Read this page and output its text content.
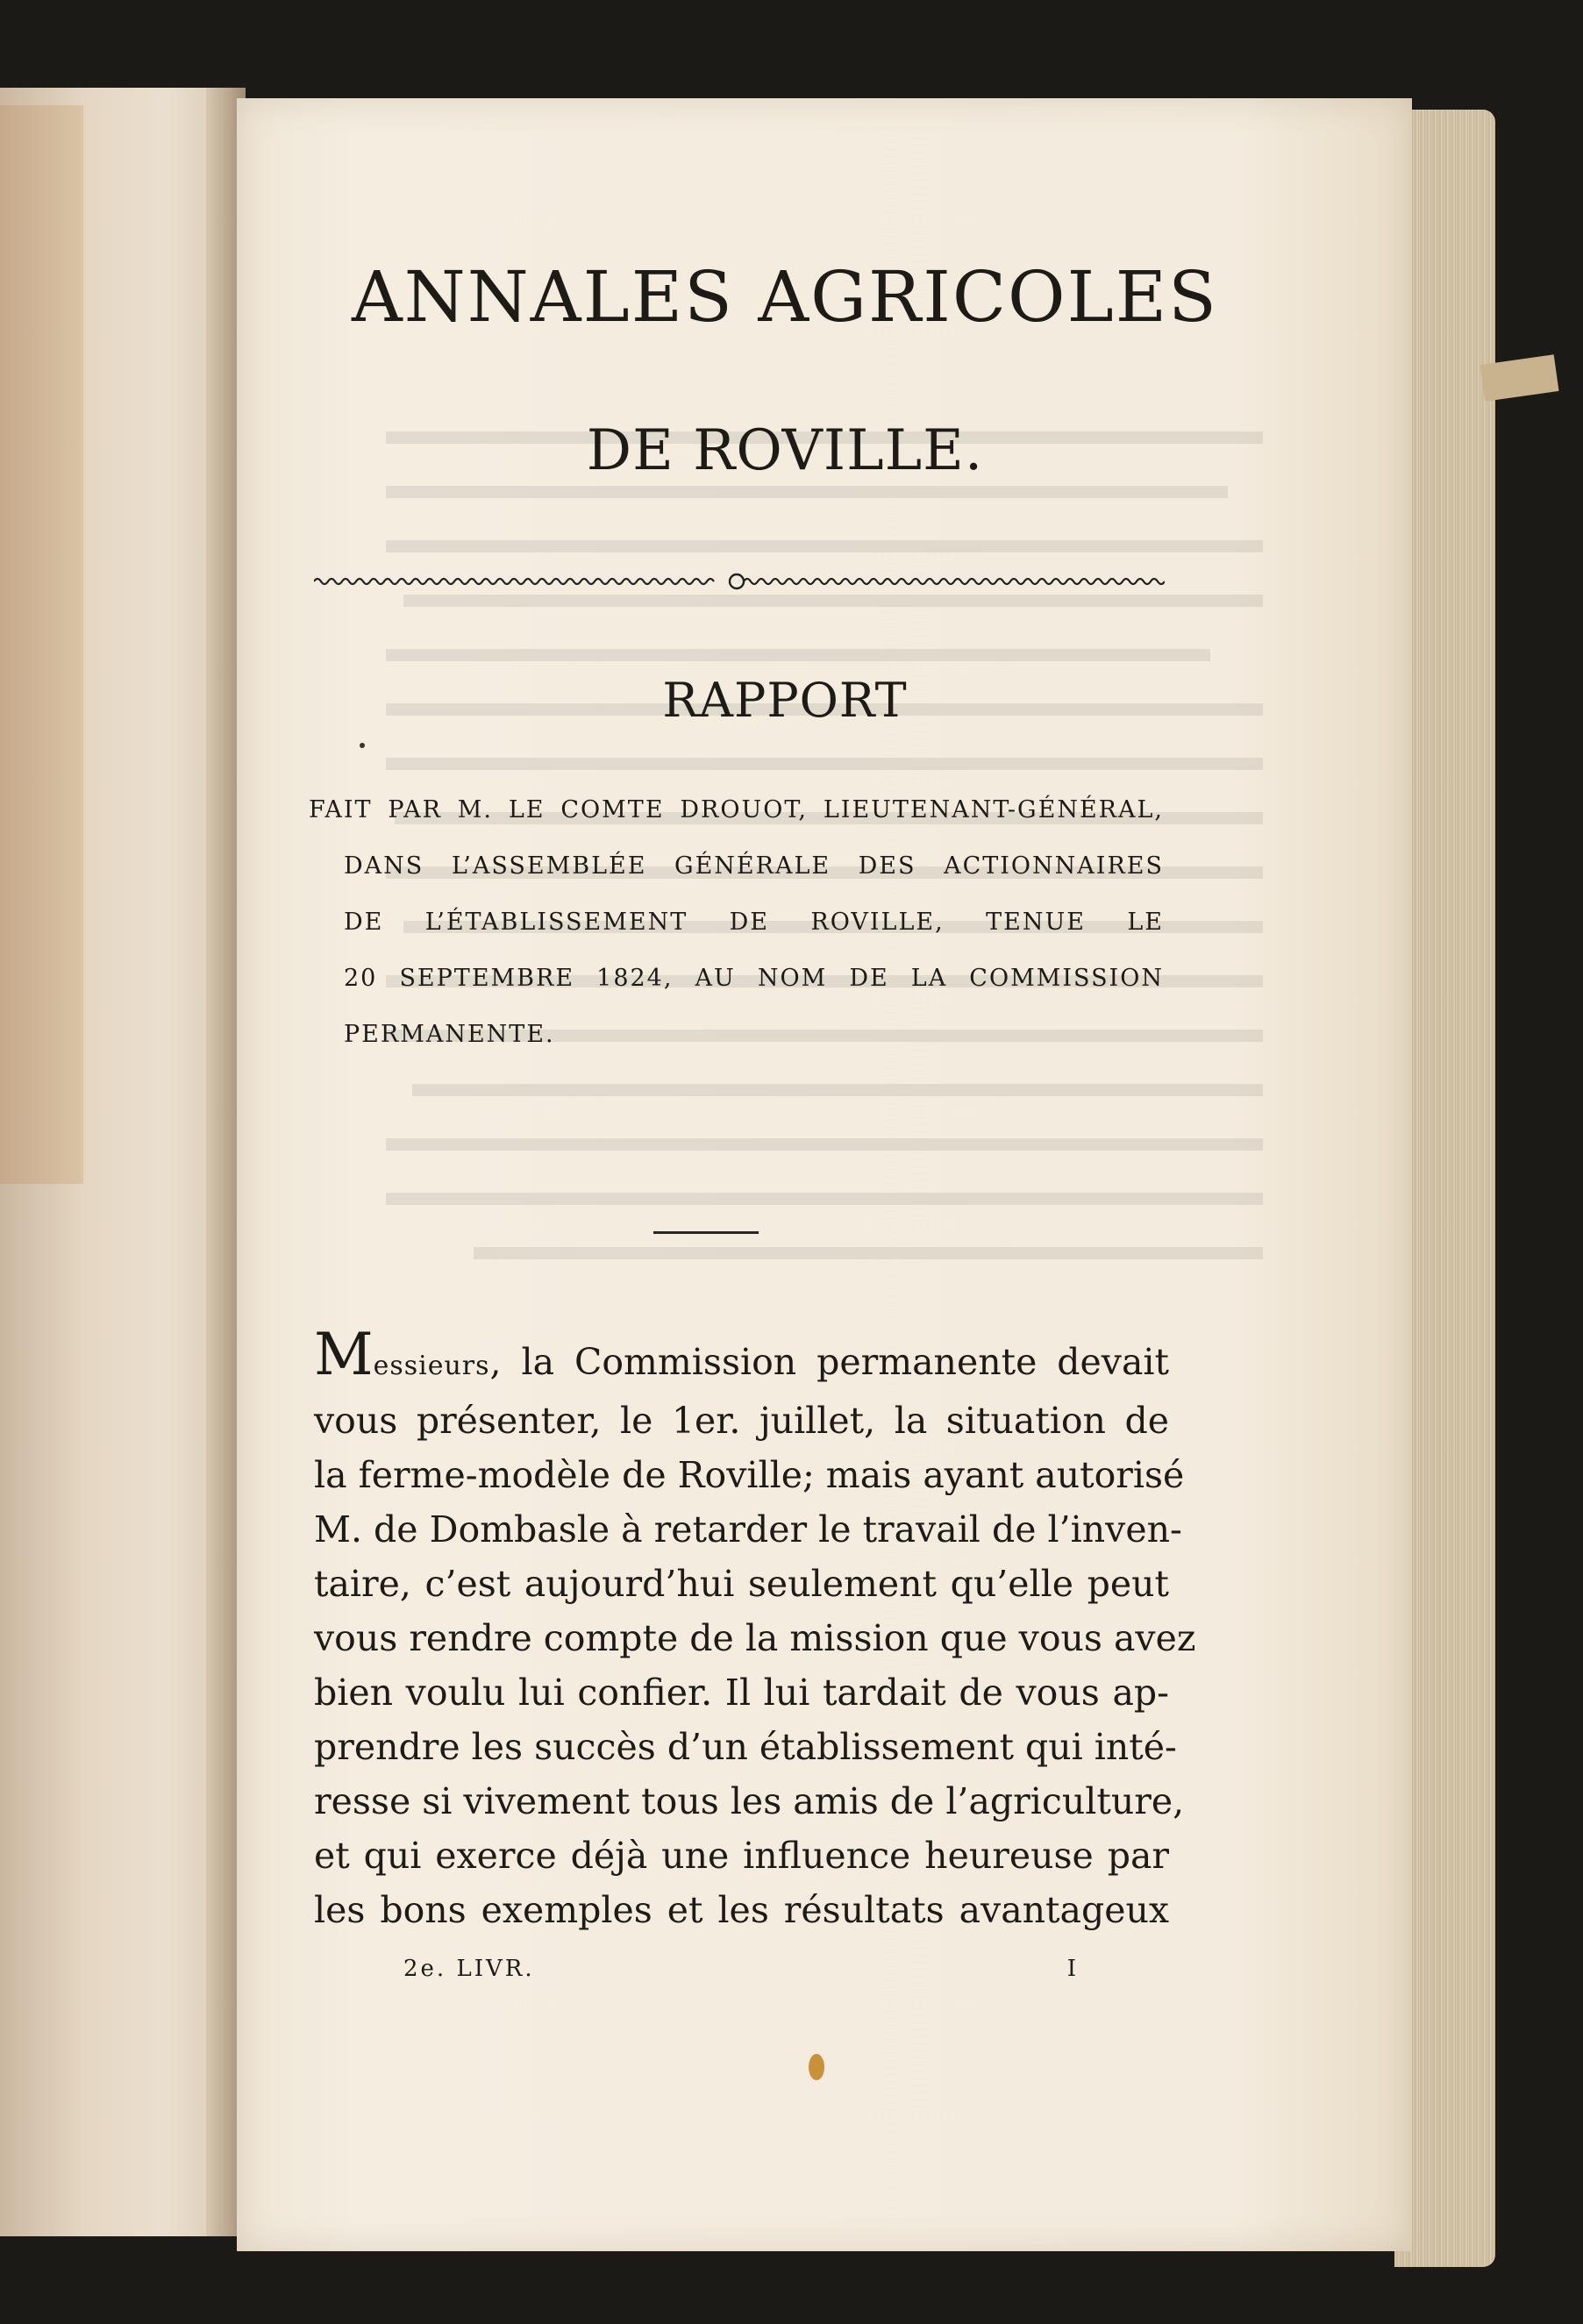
ANNALES AGRICOLES
DE ROVILLE.
RAPPORT
FAIT PAR M. LE COMTE DROUOT, LIEUTENANT-GÉNÉRAL,
DANS L’ASSEMBLÉE GÉNÉRALE DES ACTIONNAIRES
DE L’ÉTABLISSEMENT DE ROVILLE, TENUE LE
20 SEPTEMBRE 1824, AU NOM DE LA COMMISSION
PERMANENTE.
Messieurs, la Commission permanente devait
vous présenter, le 1er. juillet, la situation de
la ferme-modèle de Roville; mais ayant autorisé
M. de Dombasle à retarder le travail de l’inven-
taire, c’est aujourd’hui seulement qu’elle peut
vous rendre compte de la mission que vous avez
bien voulu lui confier. Il lui tardait de vous ap-
prendre les succès d’un établissement qui inté-
resse si vivement tous les amis de l’agriculture,
et qui exerce déjà une influence heureuse par
les bons exemples et les résultats avantageux
2e. LIVR.	I
